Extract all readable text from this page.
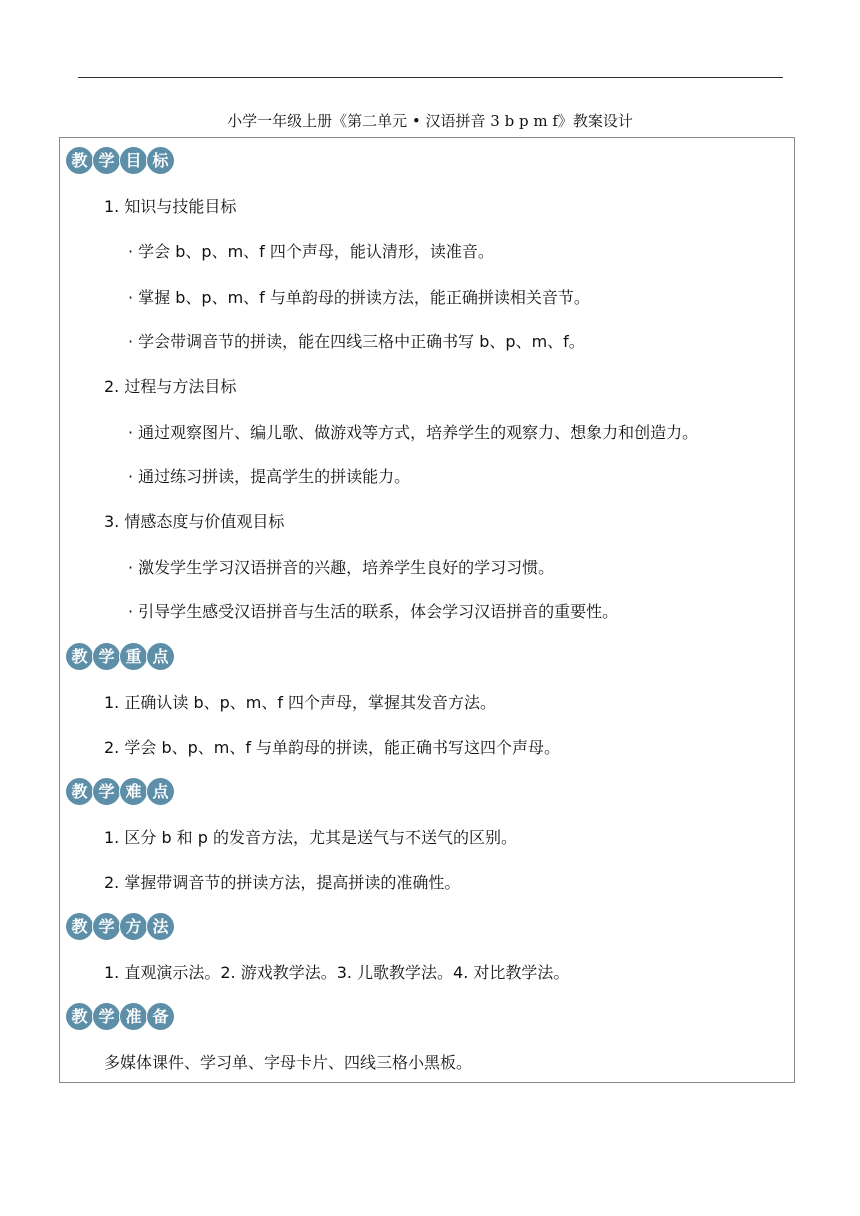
小学一年级上册《第二单元 • 汉语拼音 3 b p m f》教案设计
教 学 目 标
1. 知识与技能目标
· 学会 b、p、m、f 四个声母，能认清形，读准音。
· 掌握 b、p、m、f 与单韵母的拼读方法，能正确拼读相关音节。
· 学会带调音节的拼读，能在四线三格中正确书写 b、p、m、f。
2. 过程与方法目标
· 通过观察图片、编儿歌、做游戏等方式，培养学生的观察力、想象力和创造力。
· 通过练习拼读，提高学生的拼读能力。
3. 情感态度与价值观目标
· 激发学生学习汉语拼音的兴趣，培养学生良好的学习习惯。
· 引导学生感受汉语拼音与生活的联系，体会学习汉语拼音的重要性。
教 学 重 点
1. 正确认读 b、p、m、f 四个声母，掌握其发音方法。
2. 学会 b、p、m、f 与单韵母的拼读，能正确书写这四个声母。
教 学 难 点
1. 区分 b 和 p 的发音方法，尤其是送气与不送气的区别。
2. 掌握带调音节的拼读方法，提高拼读的准确性。
教 学 方 法
1. 直观演示法。2. 游戏教学法。3. 儿歌教学法。4. 对比教学法。
教 学 准 备
多媒体课件、学习单、字母卡片、四线三格小黑板。
